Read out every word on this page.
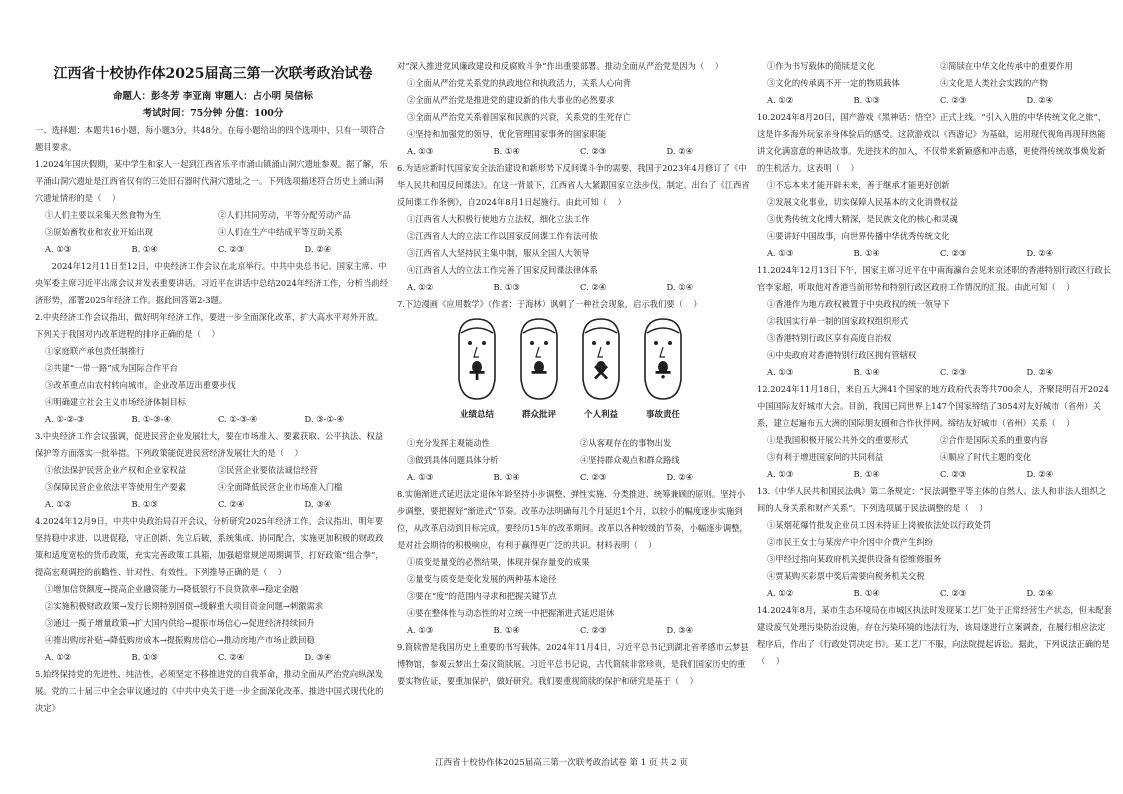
江西省十校协作体2025届高三第一次联考政治试卷
命题人：彭冬芳 李亚南 审题人：占小明 吴信标
考试时间：75分钟 分值：100分

一、选择题：本题共16小题，每小题3分，共48分。在每小题给出的四个选项中，只有一项符合题目要求。

1.2024年国庆假期，某中学生和家人一起到江西省乐平市涌山镇涌山洞穴遗址参观。据了解，乐平涌山洞穴遗址是江西省仅有的三处旧石器时代洞穴遗址之一。下列选项描述符合历史上涌山洞穴遗址情形的是（    ）

①人们主要以采集天然食物为生	②人们共同劳动，平等分配劳动产品
③原始畜牧业和农业开始出现	④人们在生产中结成平等互助关系
A. ①③	B. ①④	C. ②③	D. ②④

2024年12月11日至12日，中央经济工作会议在北京举行。中共中央总书记、国家主席、中央军委主席习近平出席会议并发表重要讲话。习近平在讲话中总结2024年经济工作，分析当前经济形势，部署2025年经济工作。据此回答第2-3题。

2.中央经济工作会议指出，做好明年经济工作，要进一步全面深化改革，扩大高水平对外开放。下列关于我国对内改革进程的排序正确的是（    ）

①家庭联产承包责任制推行

②共建“一带一路”成为国际合作平台

③改革重点由农村转向城市，企业改革迈出重要步伐

④明确建立社会主义市场经济体制目标

A. ①-②-③	B. ①-③-④	C. ①-③-④	D. ③-①-④

3.中央经济工作会议强调，促进民营企业发展壮大，要在市场准入、要素获取、公平执法、权益保护等方面落实一批举措。下列政策能促进民营经济发展壮大的是（    ）

①依法保护民营企业产权和企业家权益	②民营企业要依法诚信经营
③保障民营企业依法平等使用生产要素	④全面降低民营企业市场准入门槛
A. ①②	B. ①③	C. ②④	D. ③④

4.2024年12月9日，中共中央政治局召开会议，分析研究2025年经济工作。会议指出，明年要坚持稳中求进、以进促稳，守正创新、先立后破，系统集成、协同配合，实施更加积极的财政政策和适度宽松的货币政策，充实完善政策工具箱，加强超常规逆周期调节，打好政策“组合拳”，提高宏观调控的前瞻性、针对性、有效性。下列推导正确的是（    ）

①增加信贷额度→提高企业融资能力→降低银行不良贷款率→稳定金融

②实施积极财政政策→发行长期特别国债→缓解重大项目资金问题→刺激需求

③通过一揽子增量政策→扩大国内供给→提振市场信心→促进经济持续回升

④推出购房补贴→降低购房成本→提振购房信心→推动房地产市场止跌回稳

A. ①②	B. ①③	C. ②④	D. ③④

5.始终保持党的先进性、纯洁性，必须坚定不移推进党的自我革命，推动全面从严治党向纵深发展。党的二十届三中全会审议通过的《中共中央关于进一步全面深化改革、推进中国式现代化的决定》

对“深入推进党风廉政建设和反腐败斗争”作出重要部署。推动全面从严治党是因为（    ）

①全面从严治党关系党的执政地位和执政活力，关系人心向背

②全面从严治党是推进党的建设新的伟大事业的必然要求

③全面从严治党关系着国家和民族的兴衰，关系党的生死存亡

④坚持和加强党的领导，优化管理国家事务的国家职能

A. ①③	B. ①④	C. ②③	D. ②④

6.为适应新时代国家安全法治建设和新形势下反间谍斗争的需要，我国于2023年4月修订了《中华人民共和国反间谍法》。在这一背景下，江西省人大紧跟国家立法步伐，制定、出台了《江西省反间谍工作条例》，自2024年8月1日起施行。由此可知（    ）

①江西省人大积极行使地方立法权，细化立法工作

②江西省人大的立法工作以国家反间谍工作有法可依

③江西省人大坚持民主集中制，服从全国人大领导

④江西省人大的立法工作完善了国家反间谍法律体系

A. ①②	B. ①③	C. ②④	D. ①④

7.下边漫画《应用数学》（作者：于海林）讽刺了一种社会现象，启示我们要（    ）

+	−	×	÷
业绩总结	群众批评	个人利益	事故责任
①充分发挥主观能动性	②从客观存在的事物出发
③做到具体问题具体分析	④坚持群众观点和群众路线
A. ①③	B. ①④	C. ②③	D. ②④

8.实施渐进式延迟法定退休年龄坚持小步调整、弹性实施、分类推进、统筹兼顾的原则。坚持小步调整，要把握好“渐进式”节奏。改革办法明确每几个月延迟1个月，以较小的幅度逐步实施到位，从改革启动到目标完成，要经历15年的改革期间。改革以各种较缓的节奏，小幅逐步调整，是对社会期待的积极响应，有利于赢得更广泛的共识。材料表明（    ）

①质变是量变的必然结果，体现并保存量变的成果

②量变与质变是变化发展的两种基本途径

③要在“度”的范围内寻求和把握关键节点

④要在整体性与动态性的对立统一中把握渐进式延迟退休

A. ①③	B. ①④	C. ②③	D. ③④

9.简牍曾是我国历史上重要的书写载体。2024年11月4日，习近平总书记到湖北省孝感市云梦县博物馆，参观云梦出土秦汉简牍展。习近平总书记说，古代简牍非常珍贵，是我们国家历史的重要实物佐证，要重加保护，做好研究。我们要重视简牍的保护和研究是基于（    ）

①作为书写载体的简牍是文化	②简牍在中华文化传承中的重要作用
③文化的传承离不开一定的物质载体	④文化是人类社会实践的产物
A. ①②	B. ①③	C. ②③	D. ②④

10.2024年8月20日，国产游戏《黑神话：悟空》正式上线。“引入入胜的中华传统文化之旅”，这是许多海外玩家亲身体验后的感受。这款游戏以《西游记》为基础，运用现代视角再现拜热能讲文化满富意的神话故事。先进技术的加入，不仅带来新颖感和冲击感，更使得传统故事焕发新的生机活力。这表明（    ）

①不忘本来才能开辟未来，善于继承才能更好创新

②发展文化事业，切实保障人民基本的文化消费权益

③优秀传统文化博大精深，是民族文化的核心和灵魂

④要讲好中国故事，向世界传播中华优秀传统文化

A. ①③	B. ①④	C. ②③	D. ②④

11.2024年12月13日下午，国家主席习近平在中南海瀛台会见来京述职的香港特别行政区行政长官李家超，听取他对香港当前形势和特别行政区政府工作情况的汇报。由此可知（    ）

①香港作为地方政权被置于中央政权的统一领导下

②我国实行单一制的国家政权组织形式

③香港特别行政区享有高度自治权

④中央政府对香港特别行政区拥有管辖权

A. ①③	B. ①④	C. ②③	D. ②④

12.2024年11月18日，来自五大洲41个国家的地方政府代表等共700余人，齐聚昆明召开2024中国国际友好城市大会。目前，我国已同世界上147个国家缔结了3054对友好城市（省州）关系，建立起遍布五大洲的国际朋友圈和合作伙伴网。缔结友好城市（省州）关系（    ）

①是我国积极开展公共外交的重要形式	②合作是国际关系的重要内容
③有利于增进国家间的共同利益	④顺应了时代主题的变化
A. ①③	B. ①④	C. ②③	D. ②④

13.《中华人民共和国民法典》第二条规定：“民法调整平等主体的自然人、法人和非法人组织之间的人身关系和财产关系”。下列选项属于民法调整的是（    ）

①某烟花爆竹批发企业员工因未持证上岗被依法处以行政处罚

②市民王女士与某房产中介因中介费产生纠纷

③甲经过指向某政府机关提供设备有偿维修服务

④贾某购买彩票中奖后需要向税务机关交税

A. ①②	B. ①④	C. ②③	D. ②④

14.2024年8月，某市生态环境局在市城区执法时发现某工艺厂处于正常经营生产状态，但未配套建设废气处理污染防治设施，存在污染环境的违法行为，该局遂进行立案调查，在履行相应法定程序后，作出了《行政处罚决定书》。某工艺厂不服，向法院提起诉讼。据此，下列说法正确的是（    ）

江西省十校协作体2025届高三第一次联考政治试卷 第 1 页 共 2 页
